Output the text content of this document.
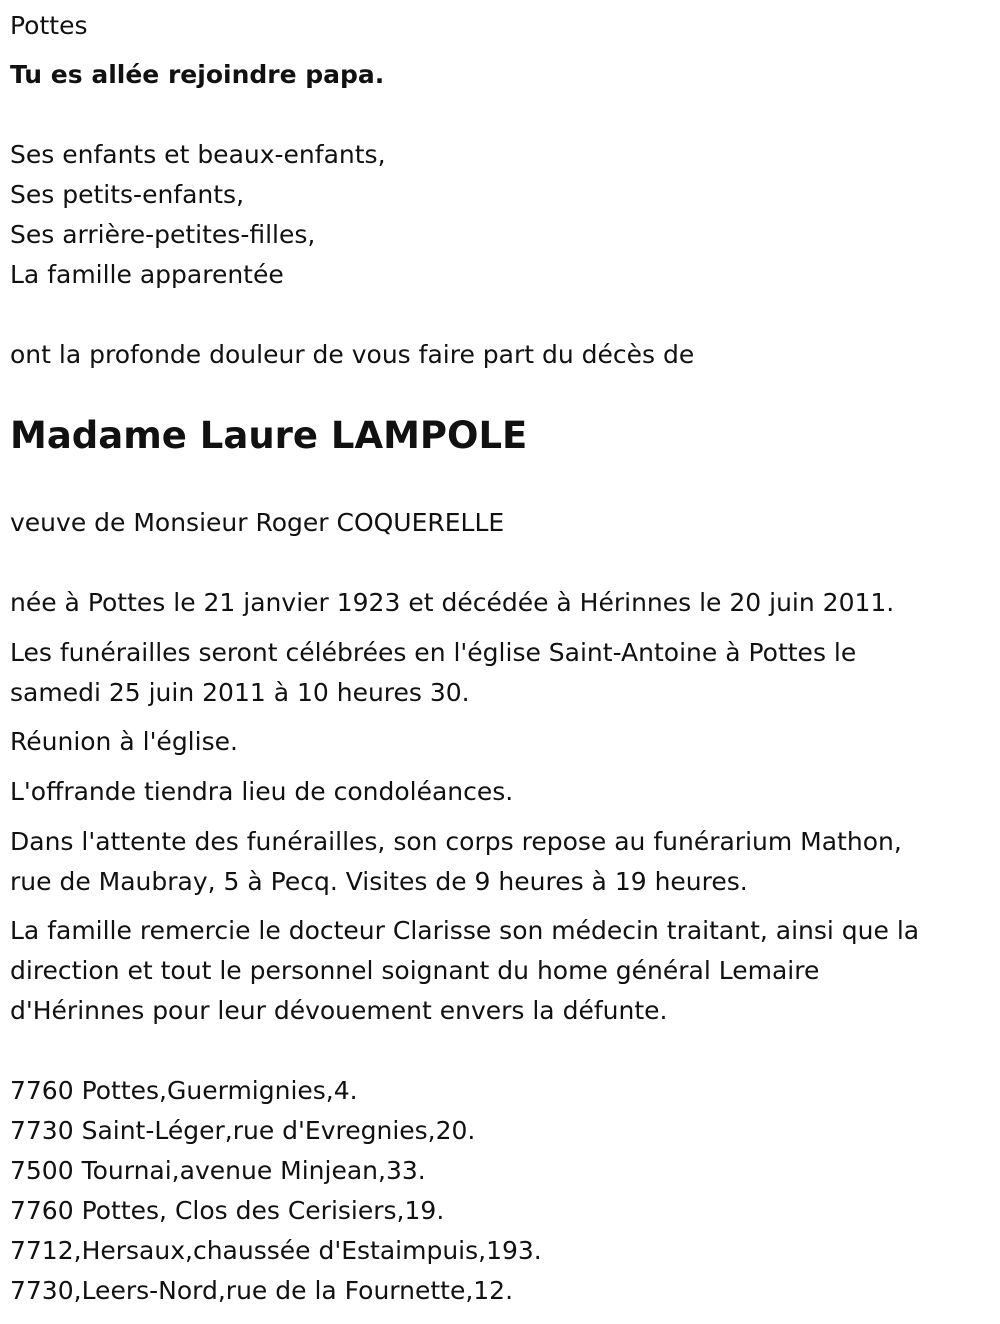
Pottes
Tu es allée rejoindre papa.
Ses enfants et beaux-enfants,
Ses petits-enfants,
Ses arrière-petites-filles,
La famille apparentée
ont la profonde douleur de vous faire part du décès de
Madame Laure LAMPOLE
veuve de Monsieur Roger COQUERELLE
née à Pottes le 21 janvier 1923 et décédée à Hérinnes le 20 juin 2011.
Les funérailles seront célébrées en l'église Saint-Antoine à Pottes le
samedi 25 juin 2011 à 10 heures 30.
Réunion à l'église.
L'offrande tiendra lieu de condoléances.
Dans l'attente des funérailles, son corps repose au funérarium Mathon,
rue de Maubray, 5 à Pecq. Visites de 9 heures à 19 heures.
La famille remercie le docteur Clarisse son médecin traitant, ainsi que la
direction et tout le personnel soignant du home général Lemaire
d'Hérinnes pour leur dévouement envers la défunte.
7760 Pottes,Guermignies,4.
7730 Saint-Léger,rue d'Evregnies,20.
7500 Tournai,avenue Minjean,33.
7760 Pottes, Clos des Cerisiers,19.
7712,Hersaux,chaussée d'Estaimpuis,193.
7730,Leers-Nord,rue de la Fournette,12.
